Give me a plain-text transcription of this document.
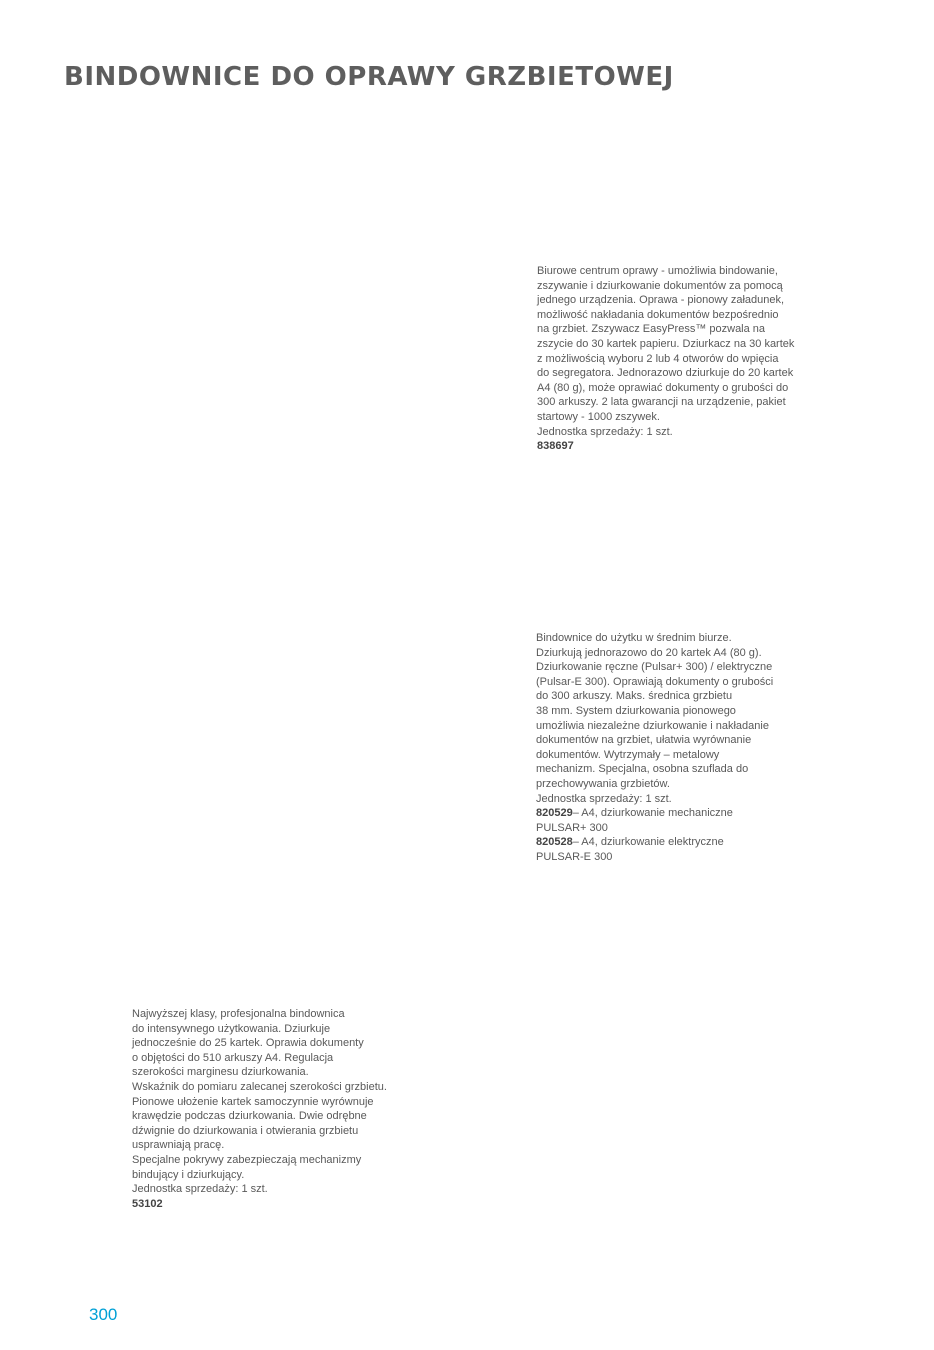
BINDOWNICE DO OPRAWY GRZBIETOWEJ
Biurowe centrum oprawy - umożliwia bindowanie,
zszywanie i dziurkowanie dokumentów za pomocą
jednego urządzenia. Oprawa - pionowy załadunek,
możliwość nakładania dokumentów bezpośrednio
na grzbiet. Zszywacz EasyPress™ pozwala na
zszycie do 30 kartek papieru. Dziurkacz na 30 kartek
z możliwością wyboru 2 lub 4 otworów do wpięcia
do segregatora. Jednorazowo dziurkuje do 20 kartek
A4 (80 g), może oprawiać dokumenty o grubości do
300 arkuszy. 2 lata gwarancji na urządzenie, pakiet
startowy - 1000 zszywek.
Jednostka sprzedaży: 1 szt.
838697
Bindownice do użytku w średnim biurze.
Dziurkują jednorazowo do 20 kartek A4 (80 g).
Dziurkowanie ręczne (Pulsar+ 300) / elektryczne
(Pulsar-E 300). Oprawiają dokumenty o grubości
do 300 arkuszy. Maks. średnica grzbietu
38 mm. System dziurkowania pionowego
umożliwia niezależne dziurkowanie i nakładanie
dokumentów na grzbiet, ułatwia wyrównanie
dokumentów. Wytrzymały – metalowy
mechanizm. Specjalna, osobna szuflada do
przechowywania grzbietów.
Jednostka sprzedaży: 1 szt.
820529 – A4, dziurkowanie mechaniczne
PULSAR+ 300
820528 – A4, dziurkowanie elektryczne
PULSAR-E 300
Najwyższej klasy, profesjonalna bindownica
do intensywnego użytkowania. Dziurkuje
jednocześnie do 25 kartek. Oprawia dokumenty
o objętości do 510 arkuszy A4. Regulacja
szerokości marginesu dziurkowania.
Wskaźnik do pomiaru zalecanej szerokości grzbietu.
Pionowe ułożenie kartek samoczynnie wyrównuje
krawędzie podczas dziurkowania. Dwie odrębne
dźwignie do dziurkowania i otwierania grzbietu
usprawniają pracę.
Specjalne pokrywy zabezpieczają mechanizmy
bindujący i dziurkujący.
Jednostka sprzedaży: 1 szt.
53102
300
